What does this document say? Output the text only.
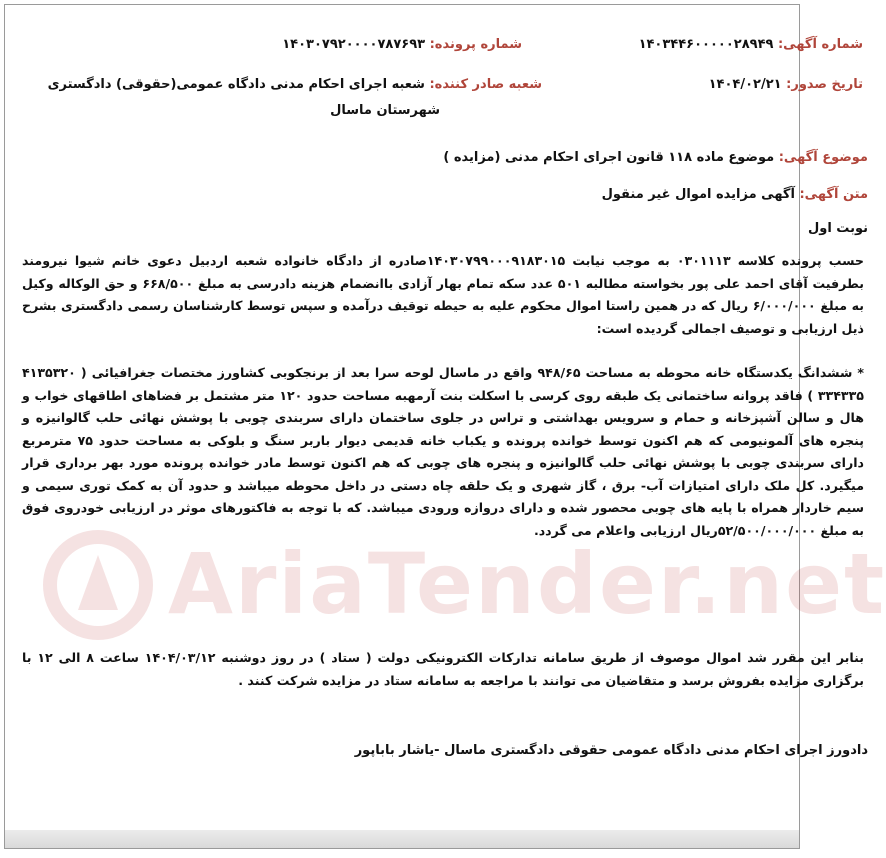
شماره آگهی: ۱۴۰۳۴۴۶۰۰۰۰۰۲۸۹۴۹
شماره پرونده: ۱۴۰۳۰۷۹۲۰۰۰۰۷۸۷۶۹۳
تاریخ صدور: ۱۴۰۴/۰۲/۲۱
شعبه صادر کننده: شعبه اجرای احکام مدنی دادگاه عمومی(حقوقی) دادگستری
شهرستان ماسال
موضوع آگهی: موضوع ماده ۱۱۸ قانون اجرای احکام مدنی (مزایده )
متن آگهی: آگهی مزایده اموال غیر منقول
نوبت اول
حسب پرونده کلاسه ۰۳۰۱۱۱۳ به موجب نیابت ۱۴۰۳۰۷۹۹۰۰۰۹۱۸۳۰۱۵صادره از دادگاه خانواده شعبه اردبیل دعوی خانم شیوا نیرومند بطرفیت آقای احمد علی پور بخواسته مطالبه ۵۰۱ عدد سکه تمام بهار آزادی باانضمام هزینه دادرسی به مبلغ ۶۶۸/۵۰۰ و حق الوکاله وکیل به مبلغ ۶/۰۰۰/۰۰۰ ریال که در همین راستا اموال محکوم علیه به حیطه توقیف درآمده و سپس توسط کارشناسان رسمی دادگستری بشرح ذیل ارزیابی و توصیف اجمالی گردیده است:
* ششدانگ یکدستگاه خانه محوطه به مساحت ۹۴۸/۶۵ واقع در ماسال لوحه سرا بعد از برنجکوبی کشاورز مختصات جغرافیائی ( ۴۱۳۵۳۲۰ ۳۳۴۳۳۵ ) فاقد پروانه ساختمانی یک طبقه روی کرسی با اسکلت بنت آرمهبه مساحت حدود ۱۲۰ متر مشتمل بر فضاهای اطاقهای خواب و هال و سالن آشپزخانه و حمام و سرویس بهداشتی و تراس در جلوی ساختمان دارای سربندی چوبی با پوشش نهائی حلب گالوانیزه و پنجره های آلمونیومی که هم اکنون توسط خوانده پرونده و یکباب خانه قدیمی دیوار باربر سنگ و بلوکی به مساحت حدود ۷۵ مترمربع دارای سربندی چوبی با پوشش نهائی حلب گالوانیزه و پنجره های چوبی که هم اکنون توسط مادر خوانده پرونده مورد بهر برداری قرار میگیرد. کل ملک دارای امتیازات آب- برق ، گاز شهری و یک حلقه چاه دستی در داخل محوطه میباشد و حدود آن به کمک توری سیمی و سیم خاردار همراه با پایه های چوبی محصور شده و دارای دروازه ورودی میباشد. که با توجه به فاکتورهای موثر در ارزیابی خودروی فوق به مبلغ ۵۲/۵۰۰/۰۰۰/۰۰۰ریال ارزیابی واعلام می گردد.
بنابر این مقرر شد اموال موصوف از طریق سامانه تدارکات الکترونیکی دولت ( ستاد ) در روز دوشنبه ۱۴۰۴/۰۳/۱۲ ساعت ۸ الی ۱۲ با برگزاری مزایده بفروش برسد و متقاضیان می توانند با مراجعه به سامانه ستاد در مزایده شرکت کنند .
دادورز اجرای احکام مدنی دادگاه عمومی حقوقی دادگستری ماسال -یاشار باباپور
